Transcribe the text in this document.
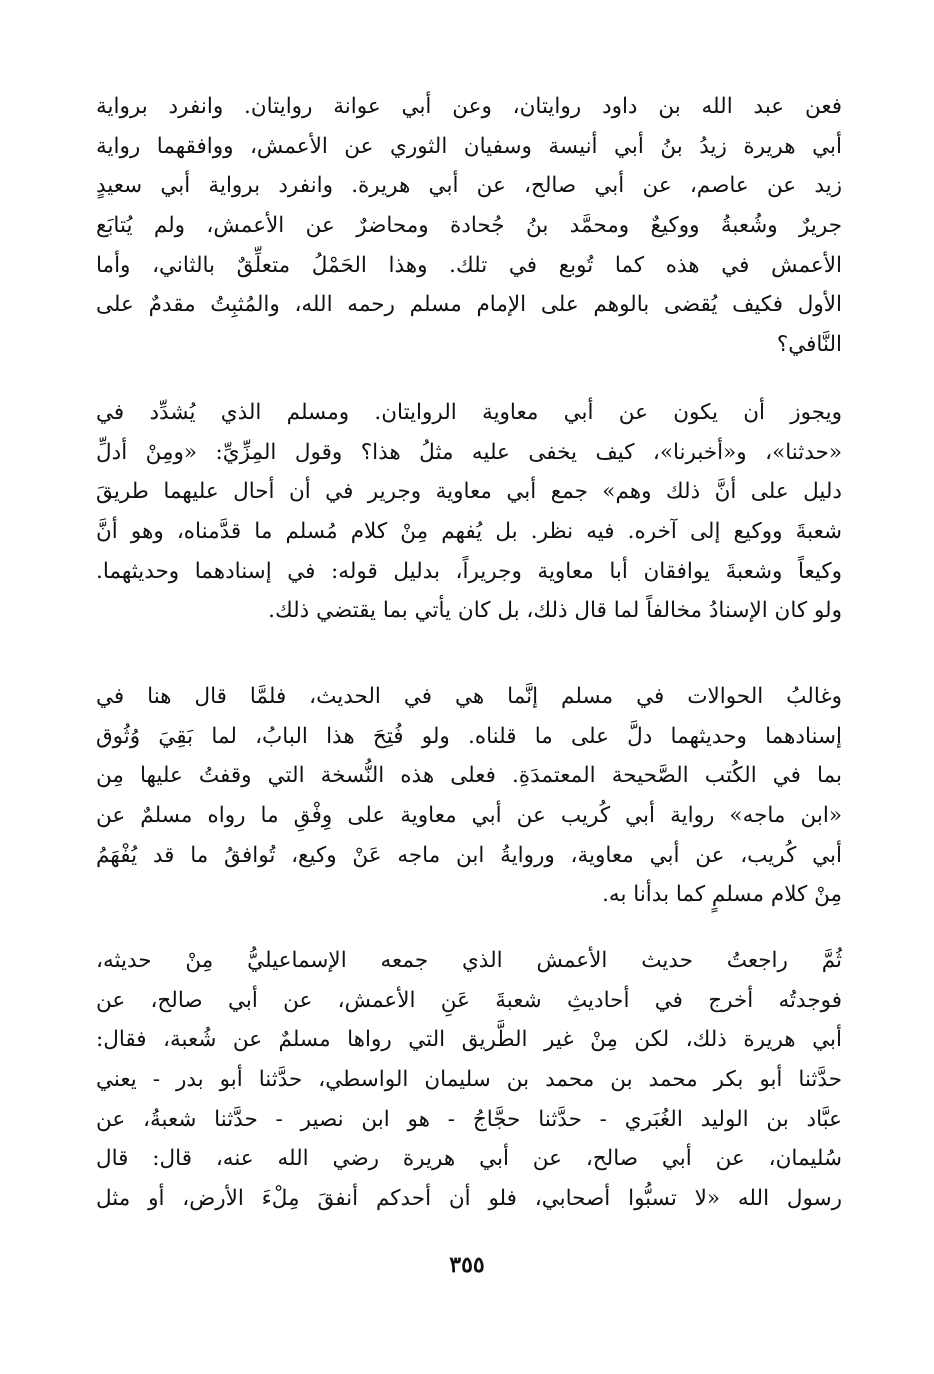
فعن عبد الله بن داود روايتان، وعن أبي عوانة روايتان. وانفرد برواية
أبي هريرة زيدُ بنُ أبي أنيسة وسفيان الثوري عن الأعمش، ووافقهما رواية
زيد عن عاصم، عن أبي صالح، عن أبي هريرة. وانفرد برواية أبي سعيدٍ
جريرٌ وشُعبةُ ووكيعٌ ومحمَّد بنُ جُحادة ومحاضرٌ عن الأعمش، ولم يُتابَع
الأعمش في هذه كما تُوبع في تلك. وهذا الحَمْلُ متعلِّقٌ بالثاني، وأما
الأول فكيف يُقضى بالوهم على الإمام مسلم رحمه الله، والمُثبِتُ مقدمٌ على
النَّافي؟
ويجوز أن يكون عن أبي معاوية الروايتان. ومسلم الذي يُشدِّد في
«حدثنا»، و«أخبرنا»، كيف يخفى عليه مثلُ هذا؟ وقول المِزِّيِّ: «ومِنْ أدلِّ
دليل على أنَّ ذلك وهم» جمع أبي معاوية وجرير في أن أحال عليهما طريقَ
شعبةَ ووكيع إلى آخره. فيه نظر. بل يُفهم مِنْ كلام مُسلم ما قدَّمناه، وهو أنَّ
وكيعاً وشعبةَ يوافقان أبا معاوية وجريراً، بدليل قوله: في إسنادهما وحديثهما.
ولو كان الإسنادُ مخالفاً لما قال ذلك، بل كان يأتي بما يقتضي ذلك.
وغالبُ الحوالات في مسلم إنَّما هي في الحديث، فلمَّا قال هنا في
إسنادهما وحديثهما دلَّ على ما قلناه. ولو فُتِحَ هذا البابُ، لما بَقِيَ وُثُوق
بما في الكُتب الصَّحيحة المعتمدَةِ. فعلى هذه النُّسخة التي وقفتُ عليها مِن
«ابن ماجه» رواية أبي كُريب عن أبي معاوية على وِفْقِ ما رواه مسلمٌ عن
أبي كُريب، عن أبي معاوية، وروايةُ ابن ماجه عَنْ وكيع، تُوافقُ ما قد يُفْهَمُ
مِنْ كلام مسلمٍ كما بدأنا به.
ثُمَّ راجعتُ حديث الأعمش الذي جمعه الإسماعيليُّ مِنْ حديثه،
فوجدتُه أخرج في أحاديثِ شعبةَ عَنِ الأعمش، عن أبي صالح، عن
أبي هريرة ذلك، لكن مِنْ غير الطَّريق التي رواها مسلمٌ عن شُعبة، فقال:
حدَّثنا أبو بكر محمد بن محمد بن سليمان الواسطي، حدَّثنا أبو بدر - يعني
عبَّاد بن الوليد الغُبَري - حدَّثنا حجَّاجُ - هو ابن نصير - حدَّثنا شعبةُ، عن
سُليمان، عن أبي صالح، عن أبي هريرة رضي الله عنه، قال: قال
رسول الله «لا تسبُّوا أصحابي، فلو أن أحدكم أنفقَ مِلْءَ الأرض، أو مثل
٣٥٥
